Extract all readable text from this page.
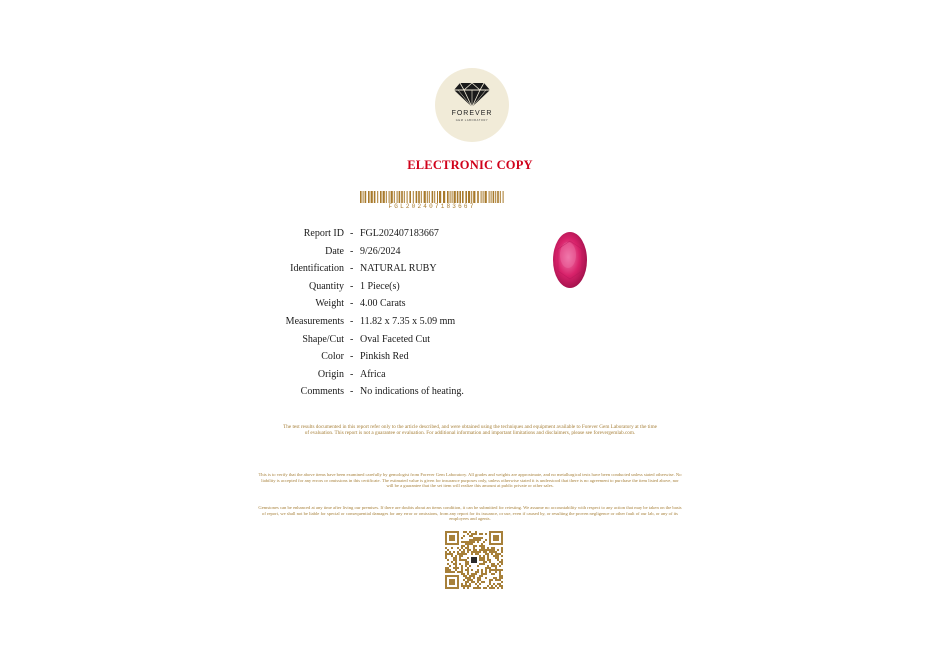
FOREVER
GEM LABORATORY
ELECTRONIC COPY
FGL202407183667
Report ID - FGL202407183667
Date - 9/26/2024
Identification - NATURAL RUBY
Quantity - 1 Piece(s)
Weight - 4.00 Carats
Measurements - 11.82 x 7.35 x 5.09 mm
Shape/Cut - Oval Faceted Cut
Color - Pinkish Red
Origin - Africa
Comments - No indications of heating.
The test results documented in this report refer only to the article described, and were obtained using the techniques and equipment available to Forever Gem Laboratory at the time of evaluation. This report is not a guarantee or evaluation. For additional information and important limitations and disclaimers, please see forevergemlab.com.
This is to verify that the above items have been examined carefully by gemologist from Forever Gem Laboratory. All grades and weights are approximate, and no metallurgical tests have been conducted unless stated otherwise. No liability is accepted for any errors or omissions in this certificate. The estimated value is given for insurance purposes only, unless otherwise stated it is understood that there is no agreement to purchase the item listed above, nor will be a guarantee that the set item will realize this amount at public private or other sales.
Gemstones can be enhanced at any time after living our premises. If there are doubts about an items condition, it can be submitted for retesting. We assume no accountability with respect to any action that may be taken on the basis of report, we shall not be liable for special or consequential damages for any error or omissions, from any report for its issuance, or use, even if caused by, or resulting the proven negligence or other fault of our lab, or any of its employees and agents.
